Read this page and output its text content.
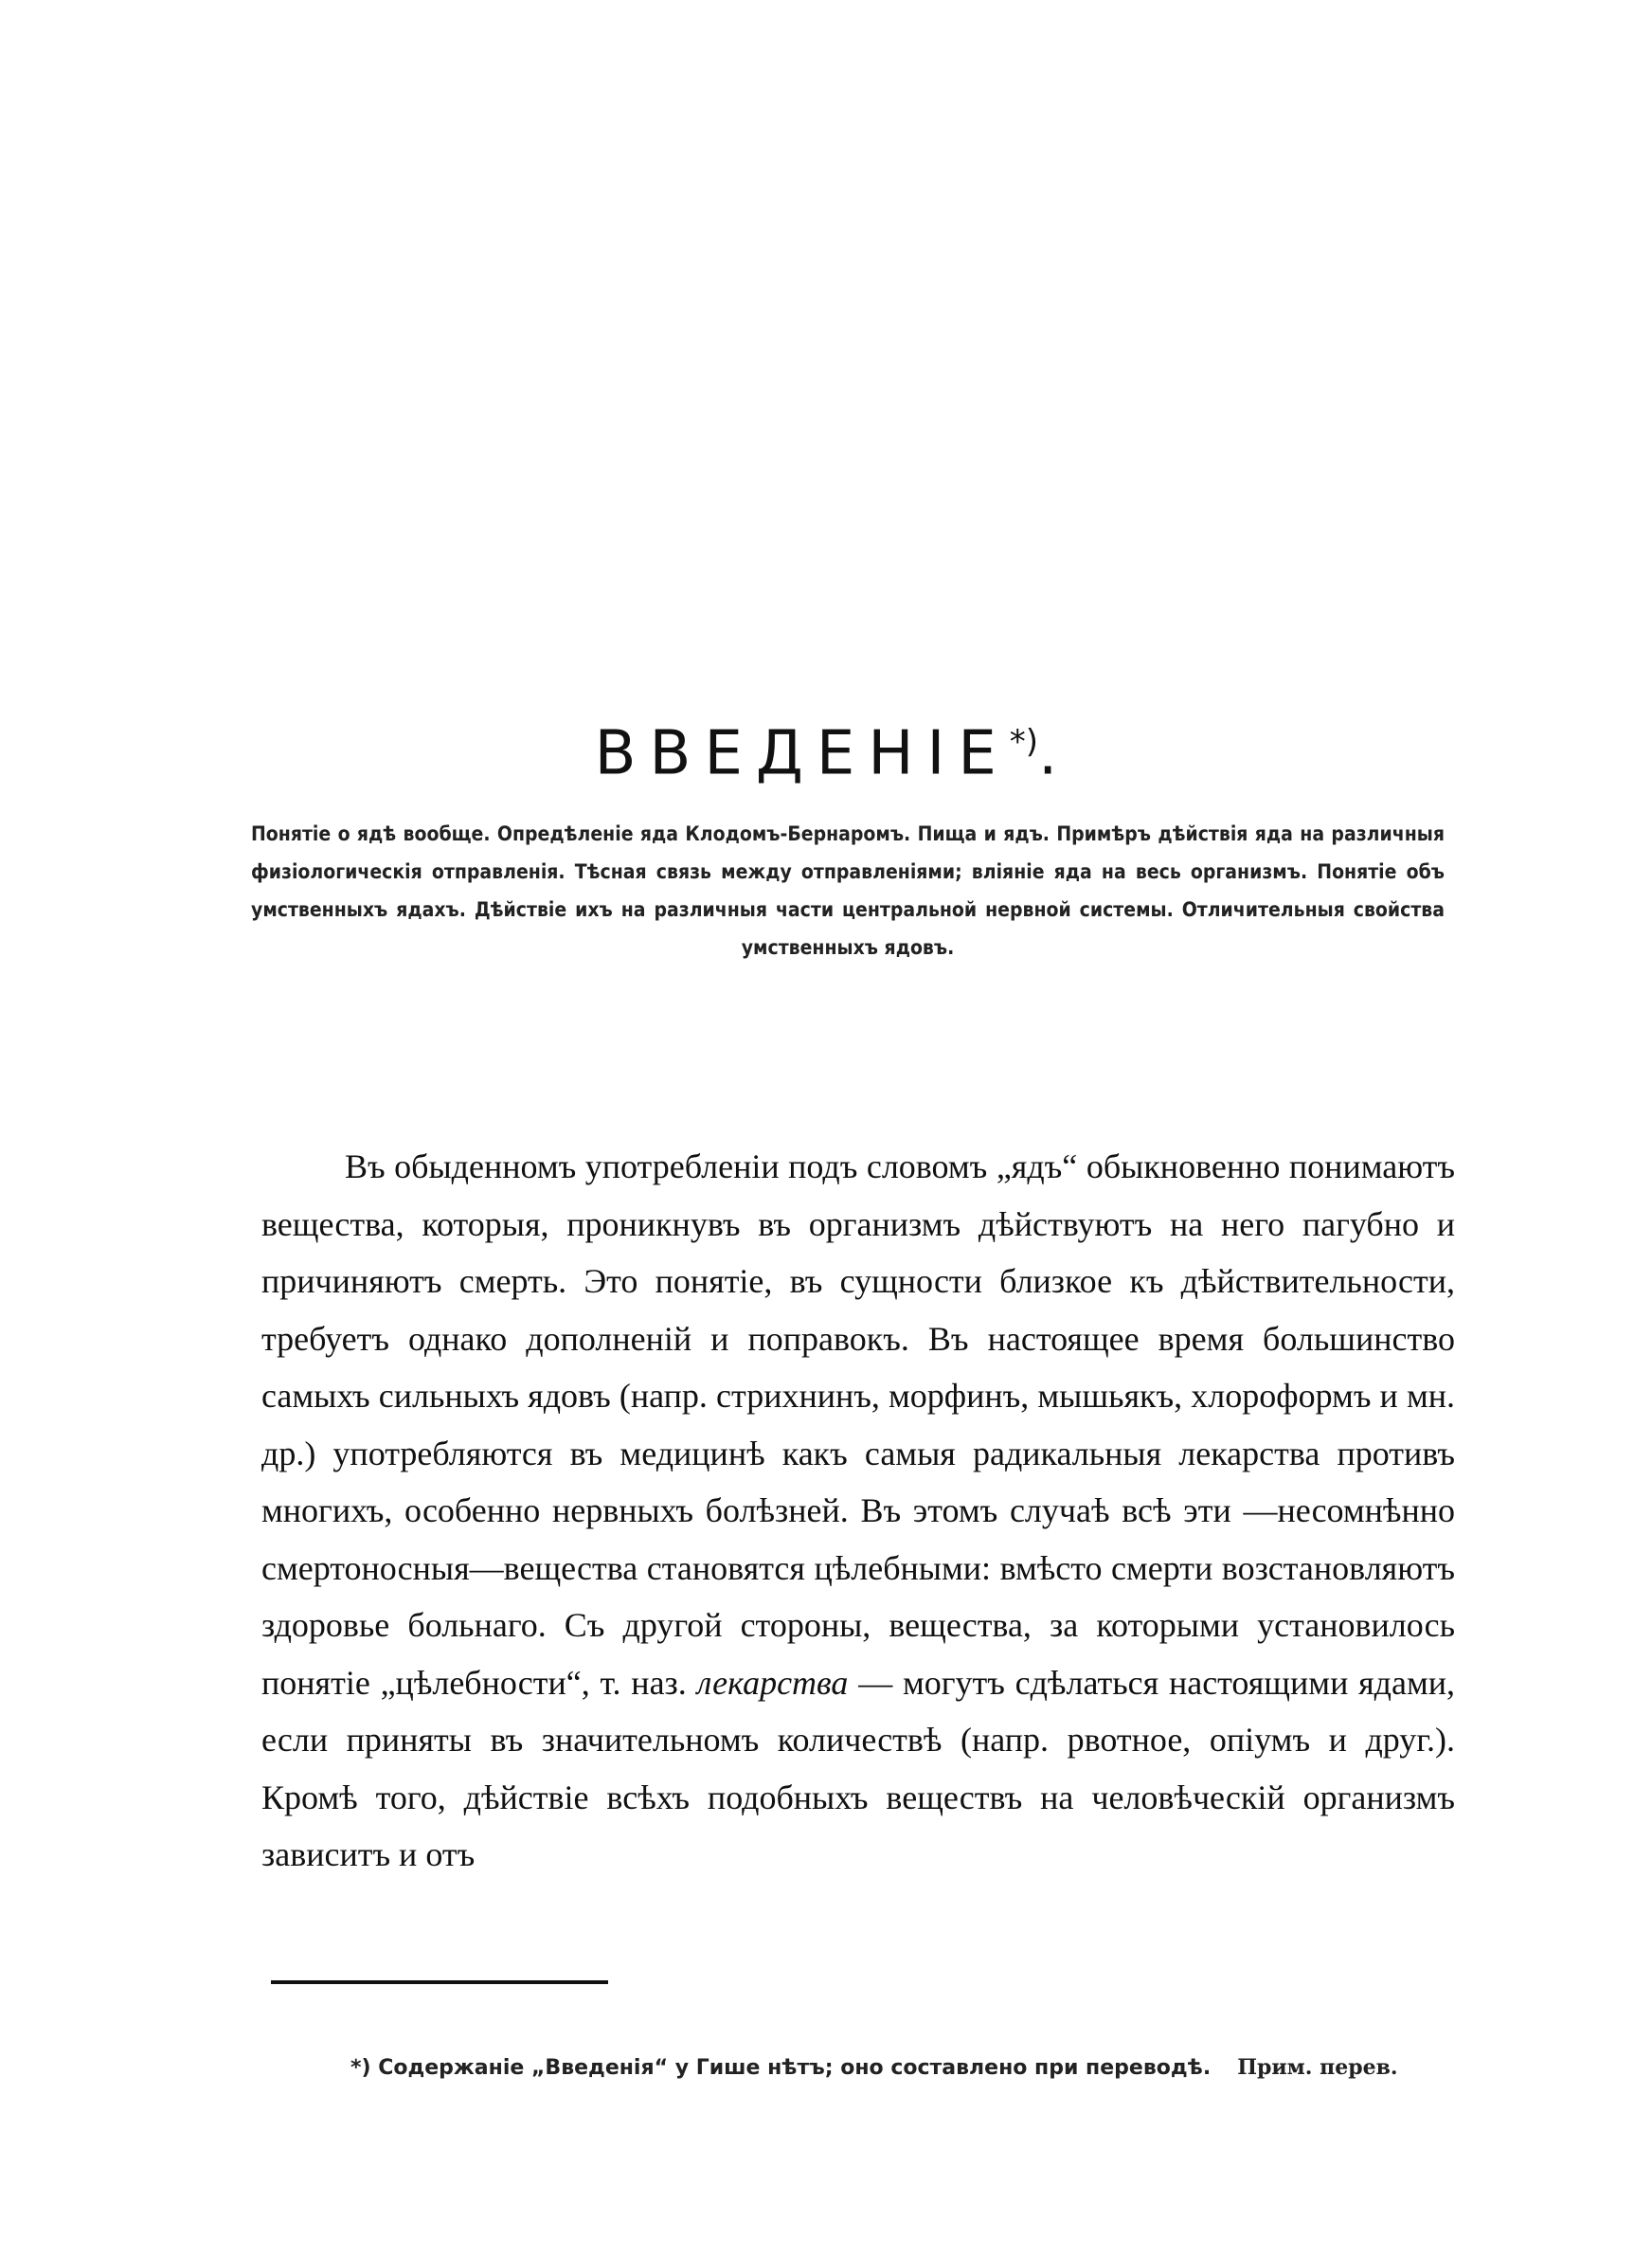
ВВЕДЕНІЕ*).
Понятіе о ядѣ вообще. Опредѣленіе яда Клодомъ-Бернаромъ. Пища и ядъ. Примѣръ дѣйствія яда на различныя физіологическія отправленія. Тѣсная связь между отправленіями; вліяніе яда на весь организмъ. Понятіе объ умственныхъ ядахъ. Дѣйствіе ихъ на различныя части центральной нервной системы. Отличительныя свойства умственныхъ ядовъ.

Въ обыденномъ употребленіи подъ словомъ „ядъ“ обыкновенно понимаютъ вещества, которыя, проникнувъ въ организмъ дѣйствуютъ на него пагубно и причиняютъ смерть. Это понятіе, въ сущности близкое къ дѣйствительности, требуетъ однако дополненій и поправокъ. Въ настоящее время большинство самыхъ сильныхъ ядовъ (напр. стрихнинъ, морфинъ, мышьякъ, хлороформъ и мн. др.) употребляются въ медицинѣ какъ самыя радикальныя лекарства противъ многихъ, особенно нервныхъ болѣзней. Въ этомъ случаѣ всѣ эти —несомнѣнно смертоносныя—вещества становятся цѣлебными: вмѣсто смерти возстановляютъ здоровье больнаго. Съ другой стороны, вещества, за которыми установилось понятіе „цѣлебности“, т. наз. лекарства — могутъ сдѣлаться настоящими ядами, если приняты въ значительномъ количествѣ (напр. рвотное, опіумъ и друг.). Кромѣ того, дѣйствіе всѣхъ подобныхъ веществъ на человѣческій организмъ зависитъ и отъ

*) Содержаніе „Введенія“ у Гише нѣтъ; оно составлено при переводѣ. Прим. перев.
